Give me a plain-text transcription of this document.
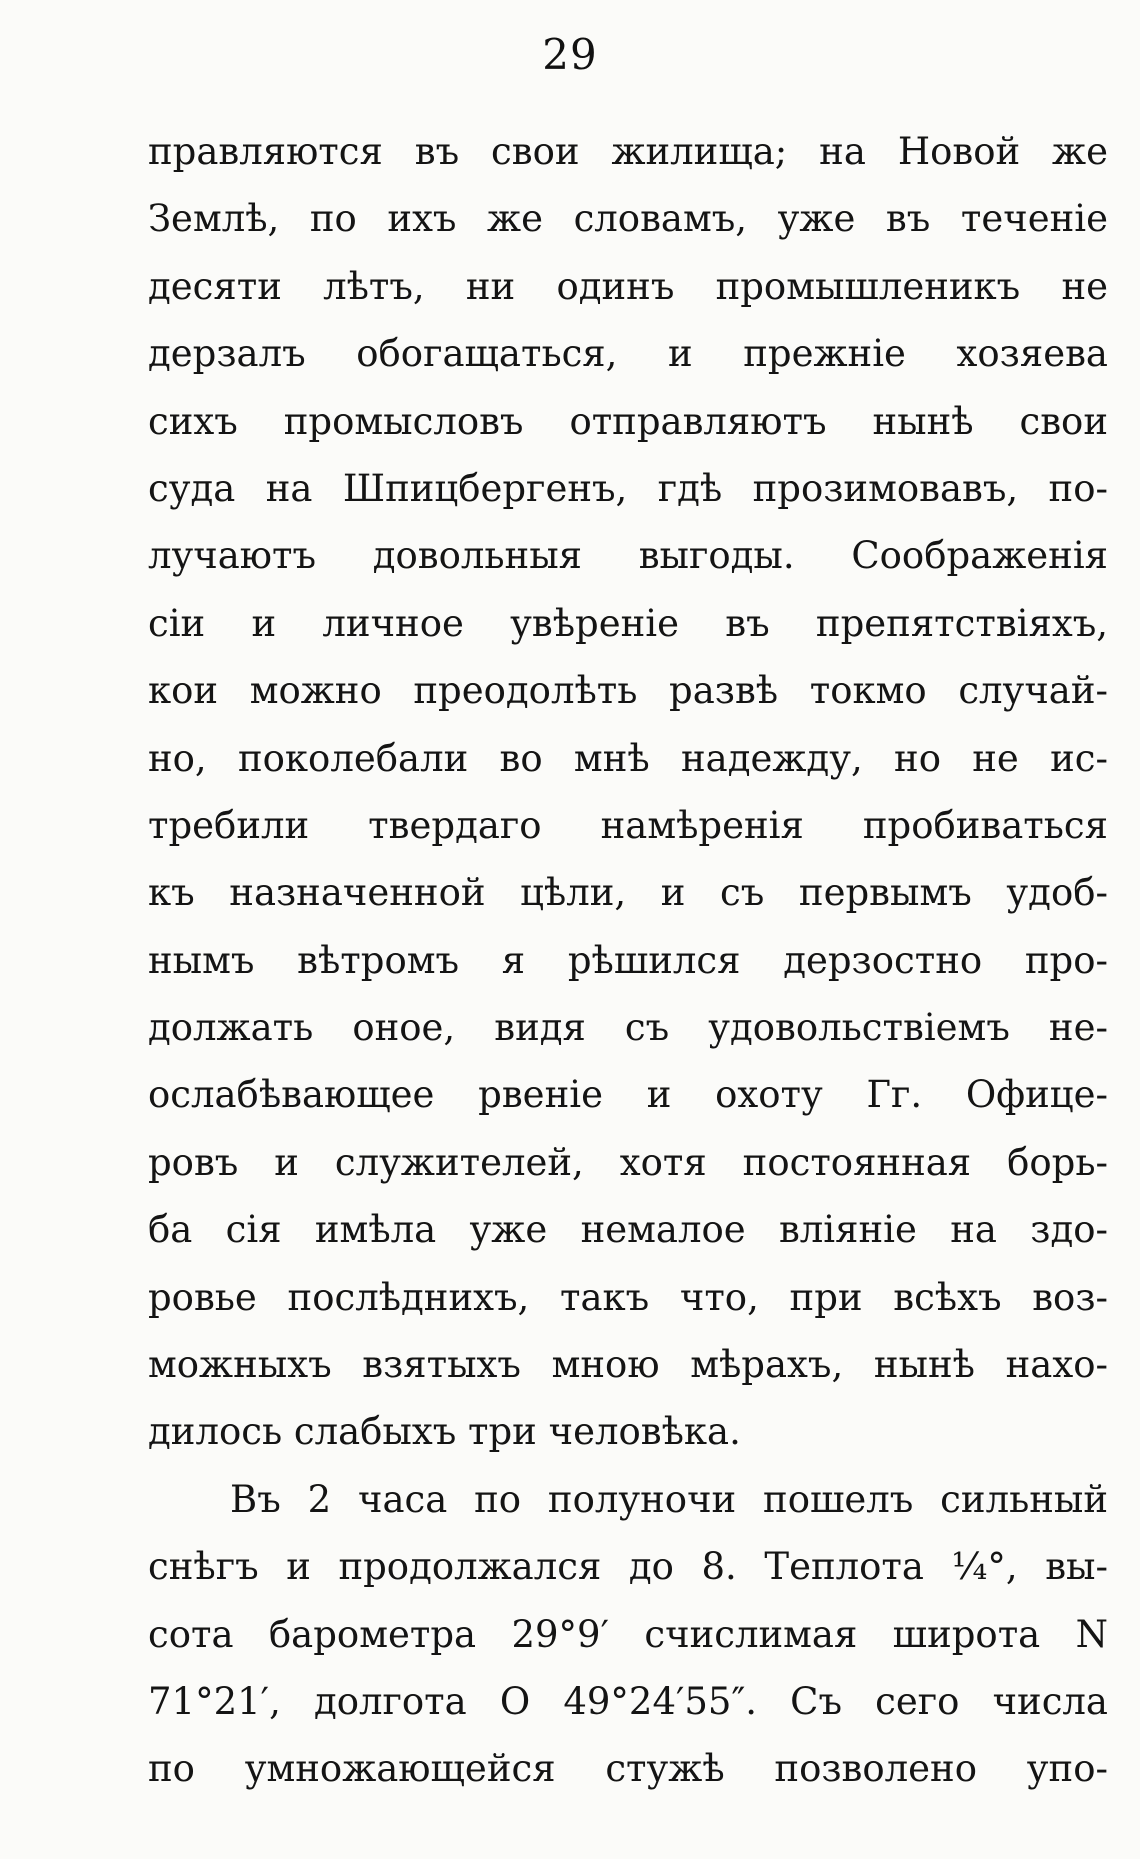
29
правляются въ свои жилища; на Новой же
Землѣ, по ихъ же словамъ, уже въ теченіе
десяти лѣтъ, ни одинъ промышленикъ не
дерзалъ обогащаться, и прежніе хозяева
сихъ промысловъ отправляютъ нынѣ свои
суда на Шпицбергенъ, гдѣ прозимовавъ, по-
лучаютъ довольныя выгоды. Соображенія
сіи и личное увѣреніе въ препятствіяхъ,
кои можно преодолѣть развѣ токмо случай-
но, поколебали во мнѣ надежду, но не ис-
требили твердаго намѣренія пробиваться
къ назначенной цѣли, и съ первымъ удоб-
нымъ вѣтромъ я рѣшился дерзостно про-
должать оное, видя съ удовольствіемъ не-
ослабѣвающее рвеніе и охоту Гг. Офице-
ровъ и служителей, хотя постоянная борь-
ба сія имѣла уже немалое вліяніе на здо-
ровье послѣднихъ, такъ что, при всѣхъ воз-
можныхъ взятыхъ мною мѣрахъ, нынѣ нахо-
дилось слабыхъ три человѣка.
Въ 2 часа по полуночи пошелъ сильный
снѣгъ и продолжался до 8. Теплота ¼°, вы-
сота барометра 29°9′ счислимая широта N
71°21′, долгота O 49°24′55″. Съ сего числа
по умножающейся стужѣ позволено упо-
